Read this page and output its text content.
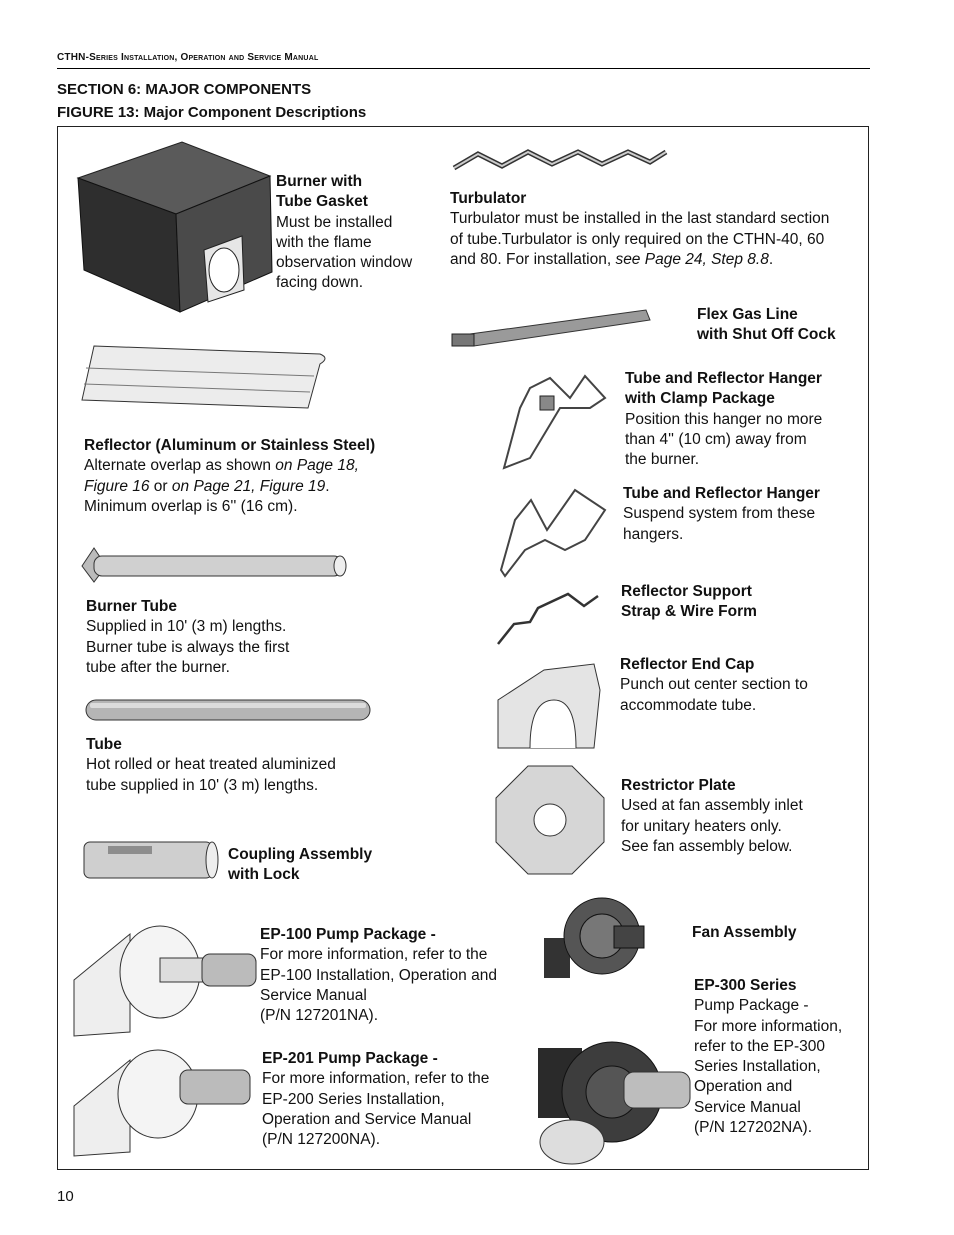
CTHN-Series Installation, Operation and Service Manual
SECTION 6: MAJOR COMPONENTS
FIGURE 13: Major Component Descriptions
10
Burner with
Tube Gasket
Must be installed
with the flame
observation window
facing down.
Turbulator
Turbulator must be installed in the last standard section
of tube.Turbulator is only required on the CTHN-40, 60
and 80. For installation, see Page 24, Step 8.8.
Flex Gas Line
with Shut Off Cock
Reflector (Aluminum or Stainless Steel)
Alternate overlap as shown on Page 18,
Figure 16 or on Page 21, Figure 19.
Minimum overlap is 6'' (16 cm).
Tube and Reflector Hanger
with Clamp Package
Position this hanger no more
than 4'' (10 cm) away from
the burner.
Tube and Reflector Hanger
Suspend system from these
hangers.
Burner Tube
Supplied in 10' (3 m) lengths.
Burner tube is always the first
tube after the burner.
Reflector Support
Strap & Wire Form
Reflector End Cap
Punch out center section to
accommodate tube.
Tube
Hot rolled or heat treated aluminized
tube supplied in 10' (3 m) lengths.	Restrictor Plate
Used at fan assembly inlet
for unitary heaters only.
See fan assembly below.
Coupling Assembly
with Lock
Fan Assembly
EP-100 Pump Package -
For more information, refer to the
EP-100 Installation, Operation and
Service Manual
(P/N 127201NA).
EP-300 Series
Pump Package -
For more information,
refer to the EP-300
Series Installation,
Operation and
Service Manual
(P/N 127202NA).
EP-201 Pump Package -
For more information, refer to the
EP-200 Series Installation,
Operation and Service Manual
(P/N 127200NA).
